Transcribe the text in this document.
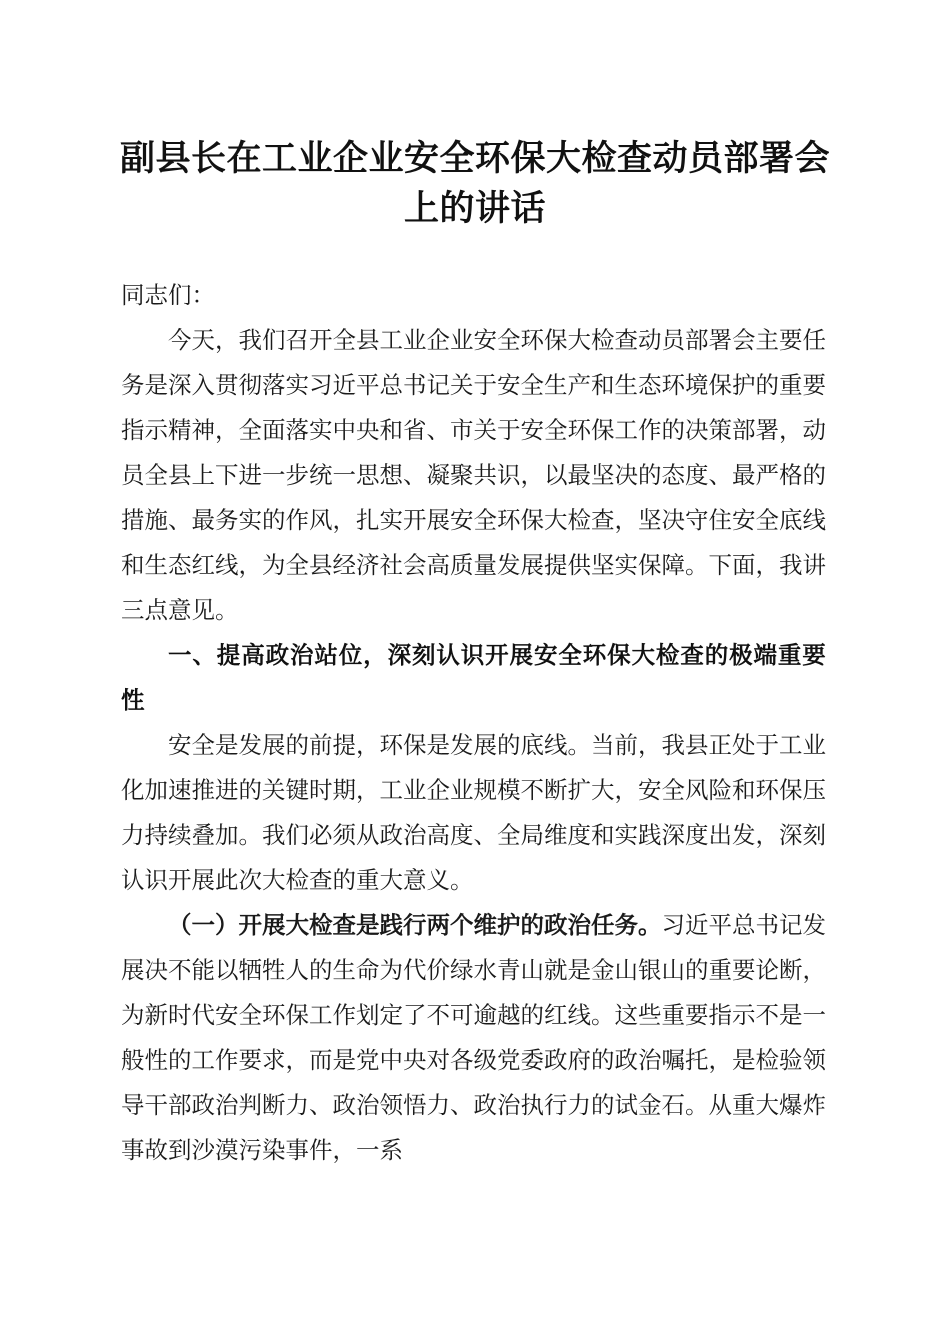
副县长在工业企业安全环保大检查动员部署会上的讲话

同志们：

今天，我们召开全县工业企业安全环保大检查动员部署会主要任务是深入贯彻落实习近平总书记关于安全生产和生态环境保护的重要指示精神，全面落实中央和省、市关于安全环保工作的决策部署，动员全县上下进一步统一思想、凝聚共识，以最坚决的态度、最严格的措施、最务实的作风，扎实开展安全环保大检查，坚决守住安全底线和生态红线，为全县经济社会高质量发展提供坚实保障。下面，我讲三点意见。

一、提高政治站位，深刻认识开展安全环保大检查的极端重要性

安全是发展的前提，环保是发展的底线。当前，我县正处于工业化加速推进的关键时期，工业企业规模不断扩大，安全风险和环保压力持续叠加。我们必须从政治高度、全局维度和实践深度出发，深刻认识开展此次大检查的重大意义。

（一）开展大检查是践行两个维护的政治任务。习近平总书记发展决不能以牺牲人的生命为代价绿水青山就是金山银山的重要论断，为新时代安全环保工作划定了不可逾越的红线。这些重要指示不是一般性的工作要求，而是党中央对各级党委政府的政治嘱托，是检验领导干部政治判断力、政治领悟力、政治执行力的试金石。从重大爆炸事故到沙漠污染事件，一系
